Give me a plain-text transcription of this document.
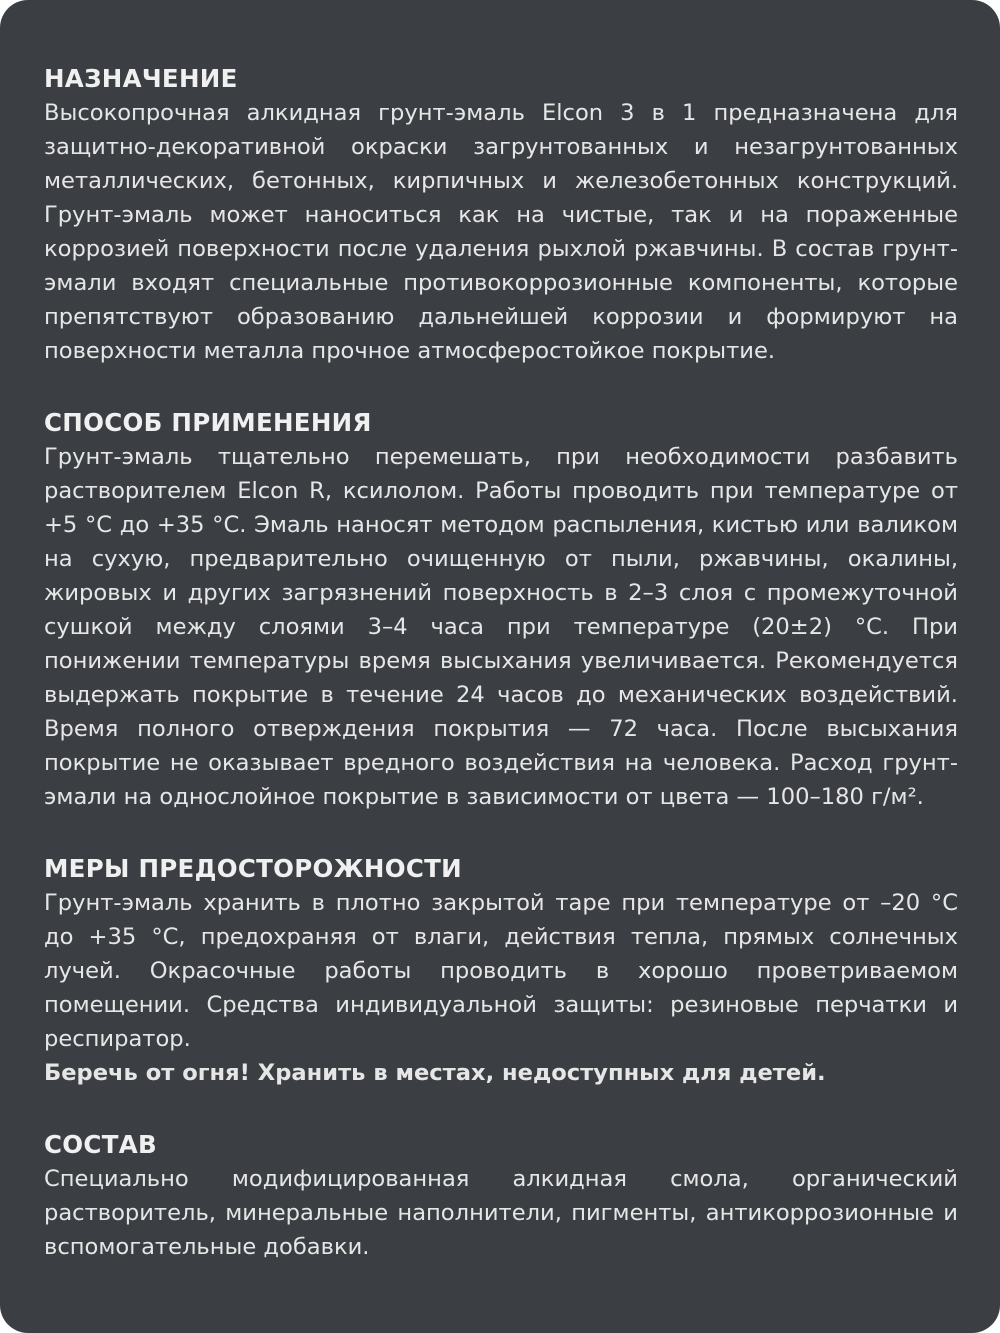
НАЗНАЧЕНИЕ

Высокопрочная алкидная грунт-эмаль Elcon 3 в 1 предназначена для защитно-декоративной окраски загрунтованных и незагрунтованных металлических, бетонных, кирпичных и железобетонных конструкций. Грунт-эмаль может наноситься как на чистые, так и на пораженные коррозией поверхности после удаления рыхлой ржавчины. В состав грунт-эмали входят специальные противокоррозионные компоненты, которые препятствуют образованию дальнейшей коррозии и формируют на поверхности металла прочное атмосферостойкое покрытие.

СПОСОБ ПРИМЕНЕНИЯ

Грунт-эмаль тщательно перемешать, при необходимости разбавить растворителем Elcon R, ксилолом. Работы проводить при температуре от +5 °С до +35 °С. Эмаль наносят методом распыления, кистью или валиком на сухую, предварительно очищенную от пыли, ржавчины, окалины, жировых и других загрязнений поверхность в 2–3 слоя с промежуточной сушкой между слоями 3–4 часа при температуре (20±2) °С. При понижении температуры время высыхания увеличивается. Рекомендуется выдержать покрытие в течение 24 часов до механических воздействий. Время полного отверждения покрытия — 72 часа. После высыхания покрытие не оказывает вредного воздействия на человека. Расход грунт-эмали на однослойное покрытие в зависимости от цвета — 100–180 г/м².

МЕРЫ ПРЕДОСТОРОЖНОСТИ

Грунт-эмаль хранить в плотно закрытой таре при температуре от –20 °С до +35 °С, предохраняя от влаги, действия тепла, прямых солнечных лучей. Окрасочные работы проводить в хорошо проветриваемом помещении. Средства индивидуальной защиты: резиновые перчатки и респиратор.
Беречь от огня! Хранить в местах, недоступных для детей.

СОСТАВ

Специально модифицированная алкидная смола, органический растворитель, минеральные наполнители, пигменты, антикоррозионные и вспомогательные добавки.
